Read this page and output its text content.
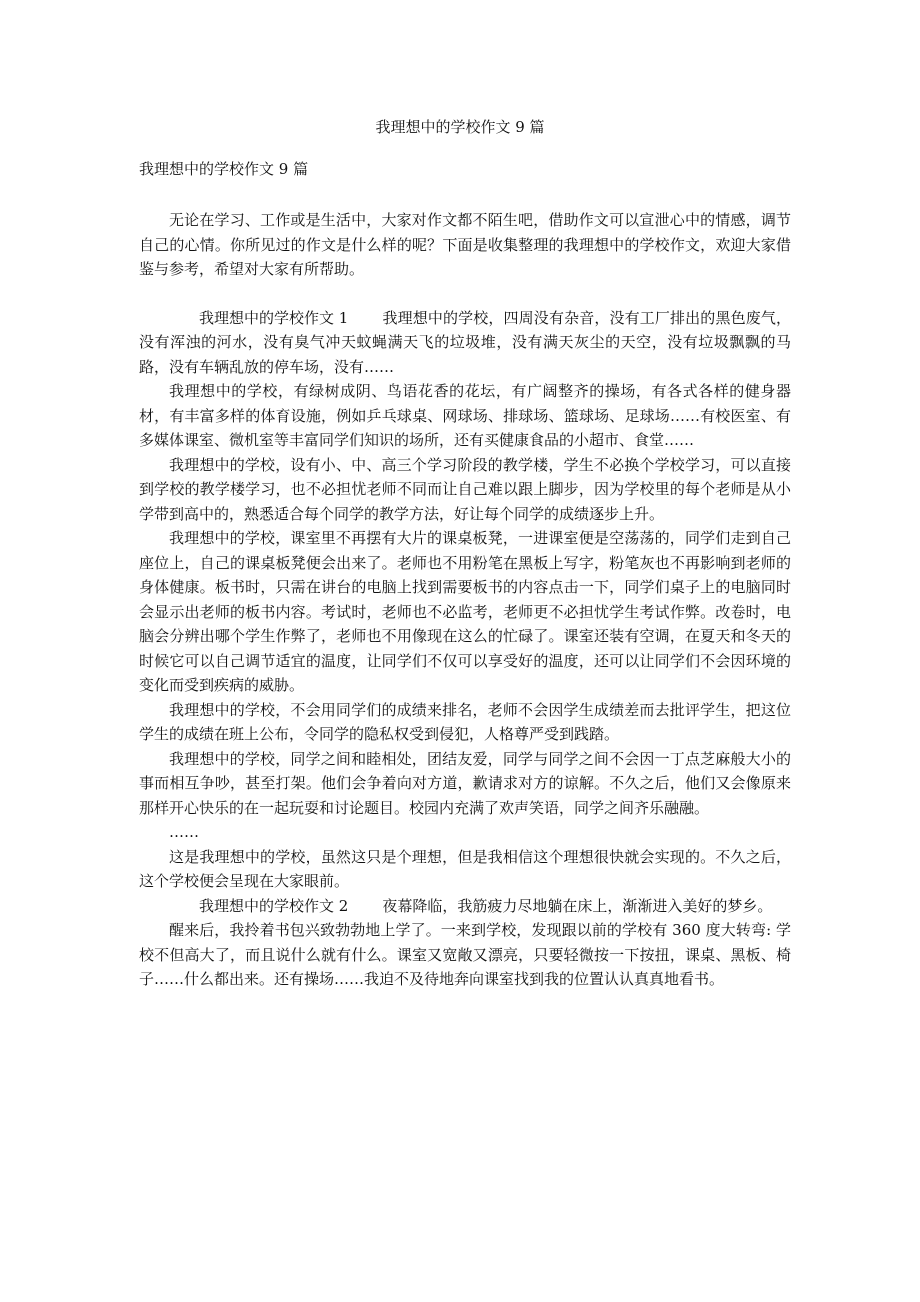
我理想中的学校作文 9 篇
我理想中的学校作文 9 篇

无论在学习、工作或是生活中，大家对作文都不陌生吧，借助作文可以宣泄心中的情感，调节自己的心情。你所见过的作文是什么样的呢？下面是收集整理的我理想中的学校作文，欢迎大家借鉴与参考，希望对大家有所帮助。

我理想中的学校作文 1 我理想中的学校，四周没有杂音，没有工厂排出的黑色废气，没有浑浊的河水，没有臭气冲天蚊蝇满天飞的垃圾堆，没有满天灰尘的天空，没有垃圾飘飘的马路，没有车辆乱放的停车场，没有……

我理想中的学校，有绿树成阴、鸟语花香的花坛，有广阔整齐的操场，有各式各样的健身器材，有丰富多样的体育设施，例如乒乓球桌、网球场、排球场、篮球场、足球场……有校医室、有多媒体课室、微机室等丰富同学们知识的场所，还有买健康食品的小超市、食堂……

我理想中的学校，设有小、中、高三个学习阶段的教学楼，学生不必换个学校学习，可以直接到学校的教学楼学习，也不必担忧老师不同而让自己难以跟上脚步，因为学校里的每个老师是从小学带到高中的，熟悉适合每个同学的教学方法，好让每个同学的成绩逐步上升。

我理想中的学校，课室里不再摆有大片的课桌板凳，一进课室便是空荡荡的，同学们走到自己座位上，自己的课桌板凳便会出来了。老师也不用粉笔在黑板上写字，粉笔灰也不再影响到老师的身体健康。板书时，只需在讲台的电脑上找到需要板书的内容点击一下，同学们桌子上的电脑同时会显示出老师的板书内容。考试时，老师也不必监考，老师更不必担忧学生考试作弊。改卷时，电脑会分辨出哪个学生作弊了，老师也不用像现在这么的忙碌了。课室还装有空调，在夏天和冬天的时候它可以自己调节适宜的温度，让同学们不仅可以享受好的温度，还可以让同学们不会因环境的变化而受到疾病的威胁。

我理想中的学校，不会用同学们的成绩来排名，老师不会因学生成绩差而去批评学生，把这位学生的成绩在班上公布，令同学的隐私权受到侵犯，人格尊严受到践踏。

我理想中的学校，同学之间和睦相处，团结友爱，同学与同学之间不会因一丁点芝麻般大小的事而相互争吵，甚至打架。他们会争着向对方道，歉请求对方的谅解。不久之后，他们又会像原来那样开心快乐的在一起玩耍和讨论题目。校园内充满了欢声笑语，同学之间齐乐融融。

……

这是我理想中的学校，虽然这只是个理想，但是我相信这个理想很快就会实现的。不久之后，这个学校便会呈现在大家眼前。

我理想中的学校作文 2 夜幕降临，我筋疲力尽地躺在床上，渐渐进入美好的梦乡。

醒来后，我拎着书包兴致勃勃地上学了。一来到学校，发现跟以前的学校有 360 度大转弯: 学校不但高大了，而且说什么就有什么。课室又宽敞又漂亮，只要轻微按一下按扭，课桌、黑板、椅子……什么都出来。还有操场……我迫不及待地奔向课室找到我的位置认认真真地看书。
